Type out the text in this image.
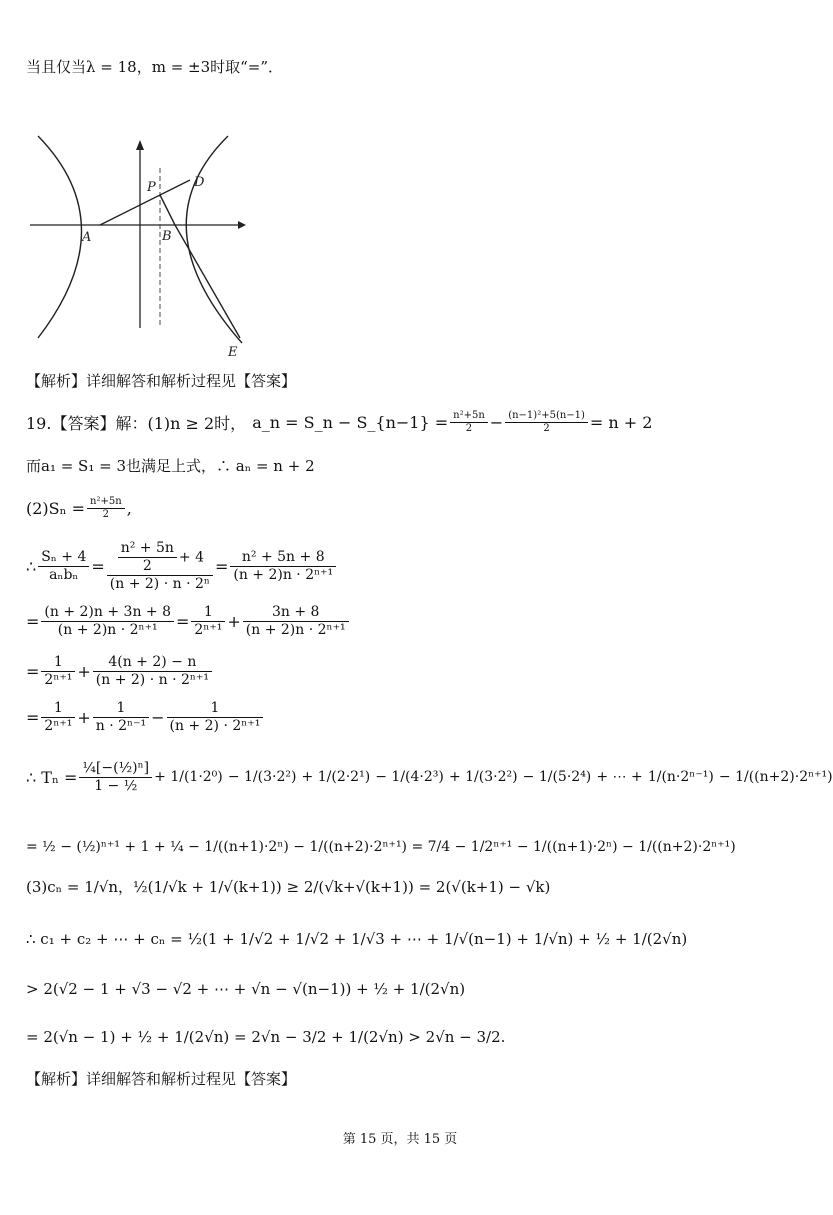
当且仅当λ = 18，m = ±3时取“=”．
A	B
P	D
E
【解析】详细解答和解析过程见【答案】
19.【答案】解：(1)n ≥ 2时， a_n = S_n − S_{n−1} = $\frac{\text{n²+5n}}{2} - \frac{\text{(n−1)²+5(n−1)}}{2} = n + 2$
而a₁ = S₁ = 3也满足上式，∴ aₙ = n + 2
$(2)S_n = \frac{\text{n²+5n}}{2}$ ,
∴ $\frac{\text{Sₙ + 4}}{\text{aₙbₙ}} = \frac{\frac{\text{n² + 5n}}{2} + 4}{\text{(n + 2) · n · 2ⁿ}} = \frac{\text{n² + 5n + 8}}{\text{(n + 2)n · 2ⁿ⁺¹}}$
= $\frac{(n + 2)n + 3n + 8}{\text{(n + 2)n · 2ⁿ⁺¹}} = \frac{1}{\text{2ⁿ⁺¹}} + \frac{3n + 8}{\text{(n + 2)n · 2ⁿ⁺¹}}$
= $\frac{1}{\text{2ⁿ⁺¹}} + \frac{4(n + 2) - n}{\text{(n + 2) · n · 2ⁿ⁺¹}}$
= $\frac{1}{\text{2ⁿ⁺¹}} + \frac{1}{\text{n · 2ⁿ⁻¹}} - \frac{1}{\text{(n + 2) · 2ⁿ⁺¹}}$
∴ $T_n = \frac{\text{¼[−(½)ⁿ]}}{\text{1 − ½}} + 1/(1\cdot 2^0)$
− 1/(3·2²)
+ 1/(2·2¹)
− 1/(4·2³)
+ 1/(3·2²)
− 1/(5·2⁴)
+ ⋯ +
1/(n·2ⁿ⁻¹)
− 1/((n+2)·2ⁿ⁺¹)
= ½ − (½)ⁿ⁺¹ + 1 + ¼ − 1/((n+1)·2ⁿ) − 1/((n+2)·2ⁿ⁺¹) = 7/4 − 1/2ⁿ⁺¹ − 1/((n+1)·2ⁿ) − 1/((n+2)·2ⁿ⁺¹)
(3)cₙ = 1/√n，½(1/√k + 1/√(k+1)) ≥ 2/(√k+√(k+1)) = 2(√(k+1) − √k)
∴ c₁ + c₂ + ⋯ + cₙ = ½(1 + 1/√2 + 1/√2 + 1/√3 + ⋯ + 1/√(n−1) + 1/√n) + ½ + 1/(2√n)
> 2(√2 − 1 + √3 − √2 + ⋯ + √n − √(n−1)) + ½ + 1/(2√n)
= 2(√n − 1) + ½ + 1/(2√n) = 2√n − 3/2 + 1/(2√n) > 2√n − 3/2.
【解析】详细解答和解析过程见【答案】
第 15 页，共 15 页
